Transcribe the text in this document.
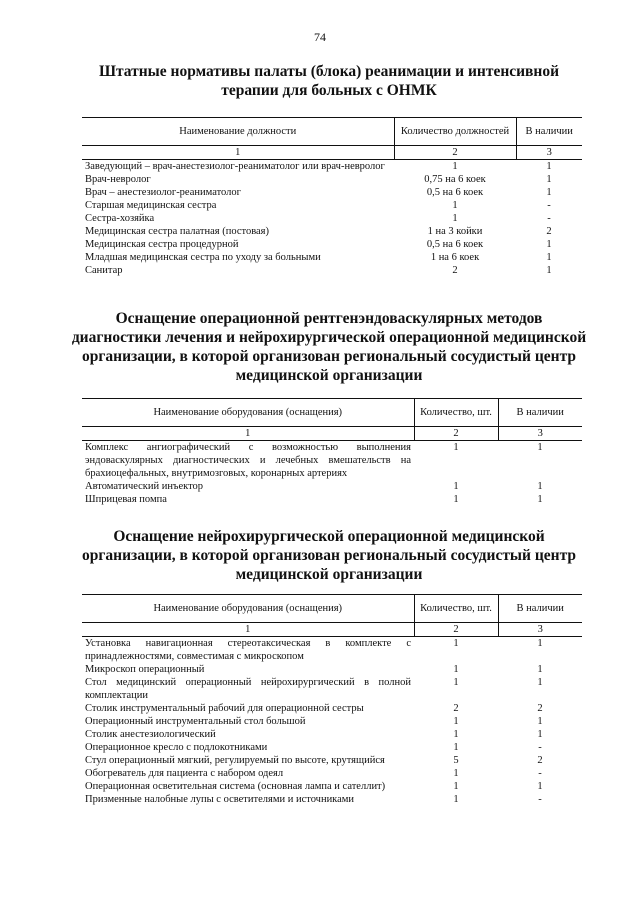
74
Штатные нормативы палаты (блока) реанимации и интенсивной терапии для больных с ОНМК
Наименование должности	Количество должностей	В наличии
1	2	3
Заведующий – врач-анестезиолог-реаниматолог или врач-невролог	1	1
Врач-невролог	0,75 на 6 коек	1
Врач – анестезиолог-реаниматолог	0,5 на 6 коек	1
Старшая медицинская сестра	1	-
Сестра-хозяйка	1	-
Медицинская сестра палатная (постовая)	1 на 3 койки	2
Медицинская сестра процедурной	0,5 на 6 коек	1
Младшая медицинская сестра по уходу за больными	1 на 6 коек	1
Санитар	2	1
Оснащение операционной рентгенэндоваскулярных методов диагностики лечения и нейрохирургической операционной медицинской организации, в которой организован региональный сосудистый центр медицинской организации
Наименование оборудования (оснащения)	Количество, шт.	В наличии
1	2	3
Комплекс ангиографический с возможностью выполнения эндоваскулярных диагностических и лечебных вмешательств на брахиоцефальных, внутримозговых, коронарных артериях	1	1
Автоматический инъектор	1	1
Шприцевая помпа	1	1
Оснащение нейрохирургической операционной медицинской организации, в которой организован региональный сосудистый центр медицинской организации
Наименование оборудования (оснащения)	Количество, шт.	В наличии
1	2	3
Установка навигационная стереотаксическая в комплекте с принадлежностями, совместимая с микроскопом	1	1
Микроскоп операционный	1	1
Стол медицинский операционный нейрохирургический в полной комплектации	1	1
Столик инструментальный рабочий для операционной сестры	2	2
Операционный инструментальный стол большой	1	1
Столик анестезиологический	1	1
Операционное кресло с подлокотниками	1	-
Стул операционный мягкий, регулируемый по высоте, крутящийся	5	2
Обогреватель для пациента с набором одеял	1	-
Операционная осветительная система (основная лампа и сателлит)	1	1
Призменные налобные лупы с осветителями и источниками	1	-
